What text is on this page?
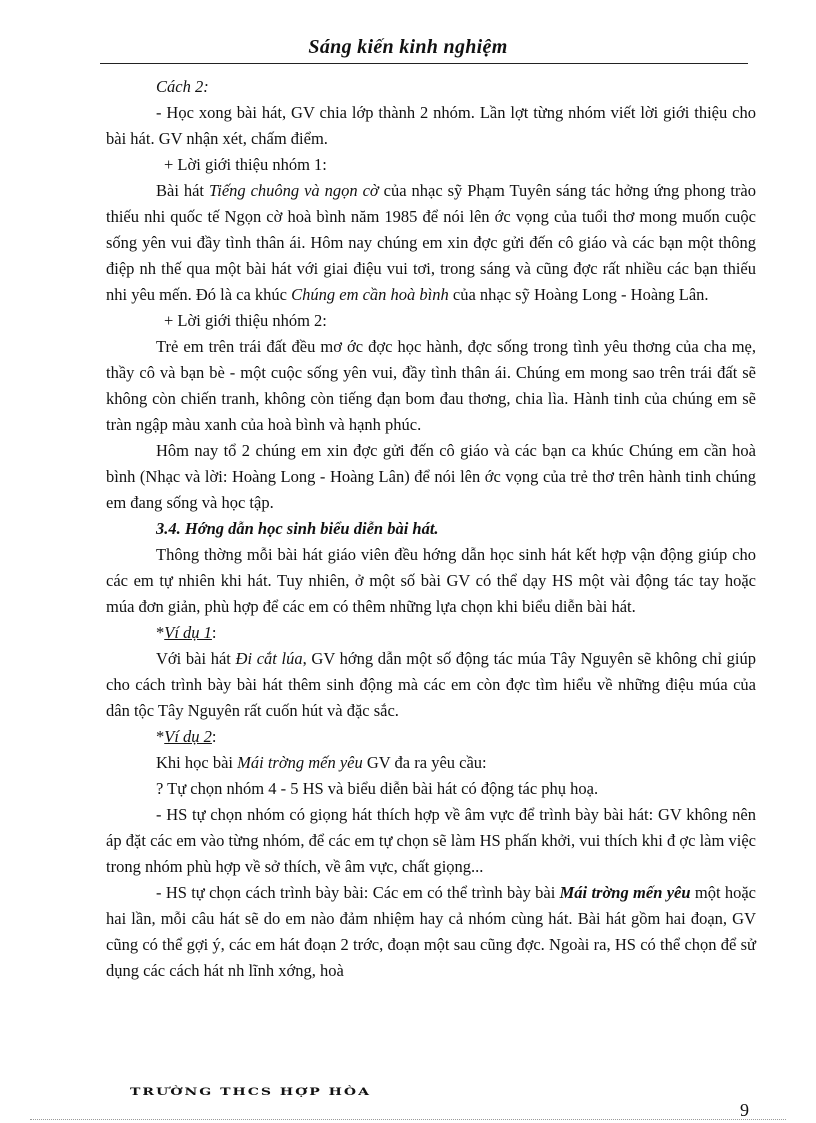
Sáng kiến kinh nghiệm

Cách 2:

- Học xong bài hát, GV chia lớp thành 2 nhóm. Lần lợt từng nhóm viết lời giới thiệu cho bài hát. GV nhận xét, chấm điểm.

+ Lời giới thiệu nhóm 1:

Bài hát Tiếng chuông và ngọn cờ của nhạc sỹ Phạm Tuyên sáng tác hởng ứng phong trào thiếu nhi quốc tế Ngọn cờ hoà bình năm 1985 để nói lên ớc vọng của tuổi thơ mong muốn cuộc sống yên vui đầy tình thân ái. Hôm nay chúng em xin đợc gửi đến cô giáo và các bạn một thông điệp nh thế qua một bài hát với giai điệu vui tơi, trong sáng và cũng đợc rất nhiều các bạn thiếu nhi yêu mến. Đó là ca khúc Chúng em cần hoà bình của nhạc sỹ Hoàng Long - Hoàng Lân.

+ Lời giới thiệu nhóm 2:

Trẻ em trên trái đất đều mơ ớc đợc học hành, đợc sống trong tình yêu thơng của cha mẹ, thầy cô và bạn bè - một cuộc sống yên vui, đầy tình thân ái. Chúng em mong sao trên trái đất sẽ không còn chiến tranh, không còn tiếng đạn bom đau thơng, chia lìa. Hành tinh của chúng em sẽ tràn ngập màu xanh của hoà bình và hạnh phúc.

Hôm nay tổ 2 chúng em xin đợc gửi đến cô giáo và các bạn ca khúc Chúng em cần hoà bình (Nhạc và lời: Hoàng Long - Hoàng Lân) để nói lên ớc vọng của trẻ thơ trên hành tinh chúng em đang sống và học tập.

3.4. Hớng dẫn học sinh biểu diễn bài hát.

Thông thờng mỗi bài hát giáo viên đều hớng dẫn học sinh hát kết hợp vận động giúp cho các em tự nhiên khi hát. Tuy nhiên, ở một số bài GV có thể dạy HS một vài động tác tay hoặc múa đơn giản, phù hợp để các em có thêm những lựa chọn khi biểu diễn bài hát.

*Ví dụ 1:

Với bài hát Đi cắt lúa, GV hớng dẫn một số động tác múa Tây Nguyên sẽ không chỉ giúp cho cách trình bày bài hát thêm sinh động mà các em còn đợc tìm hiểu về những điệu múa của dân tộc Tây Nguyên rất cuốn hút và đặc sắc.

*Ví dụ 2:

Khi học bài Mái trờng mến yêu GV đa ra yêu cầu:

? Tự chọn nhóm 4 - 5 HS và biểu diễn bài hát có động tác phụ hoạ.

- HS tự chọn nhóm có giọng hát thích hợp về âm vực để trình bày bài hát: GV không nên áp đặt các em vào từng nhóm, để các em tự chọn sẽ làm HS phấn khởi, vui thích khi đ ợc làm việc trong nhóm phù hợp về sở thích, về âm vực, chất giọng...

- HS tự chọn cách trình bày bài: Các em có thể trình bày bài Mái trờng mến yêu một hoặc hai lần, mỗi câu hát sẽ do em nào đảm nhiệm hay cả nhóm cùng hát. Bài hát gồm hai đoạn, GV cũng có thể gợi ý, các em hát đoạn 2 trớc, đoạn một sau cũng đợc. Ngoài ra, HS có thể chọn để sử dụng các cách hát nh lĩnh xớng, hoà

TRƯỜNG THCS HỢP HÒA
9
